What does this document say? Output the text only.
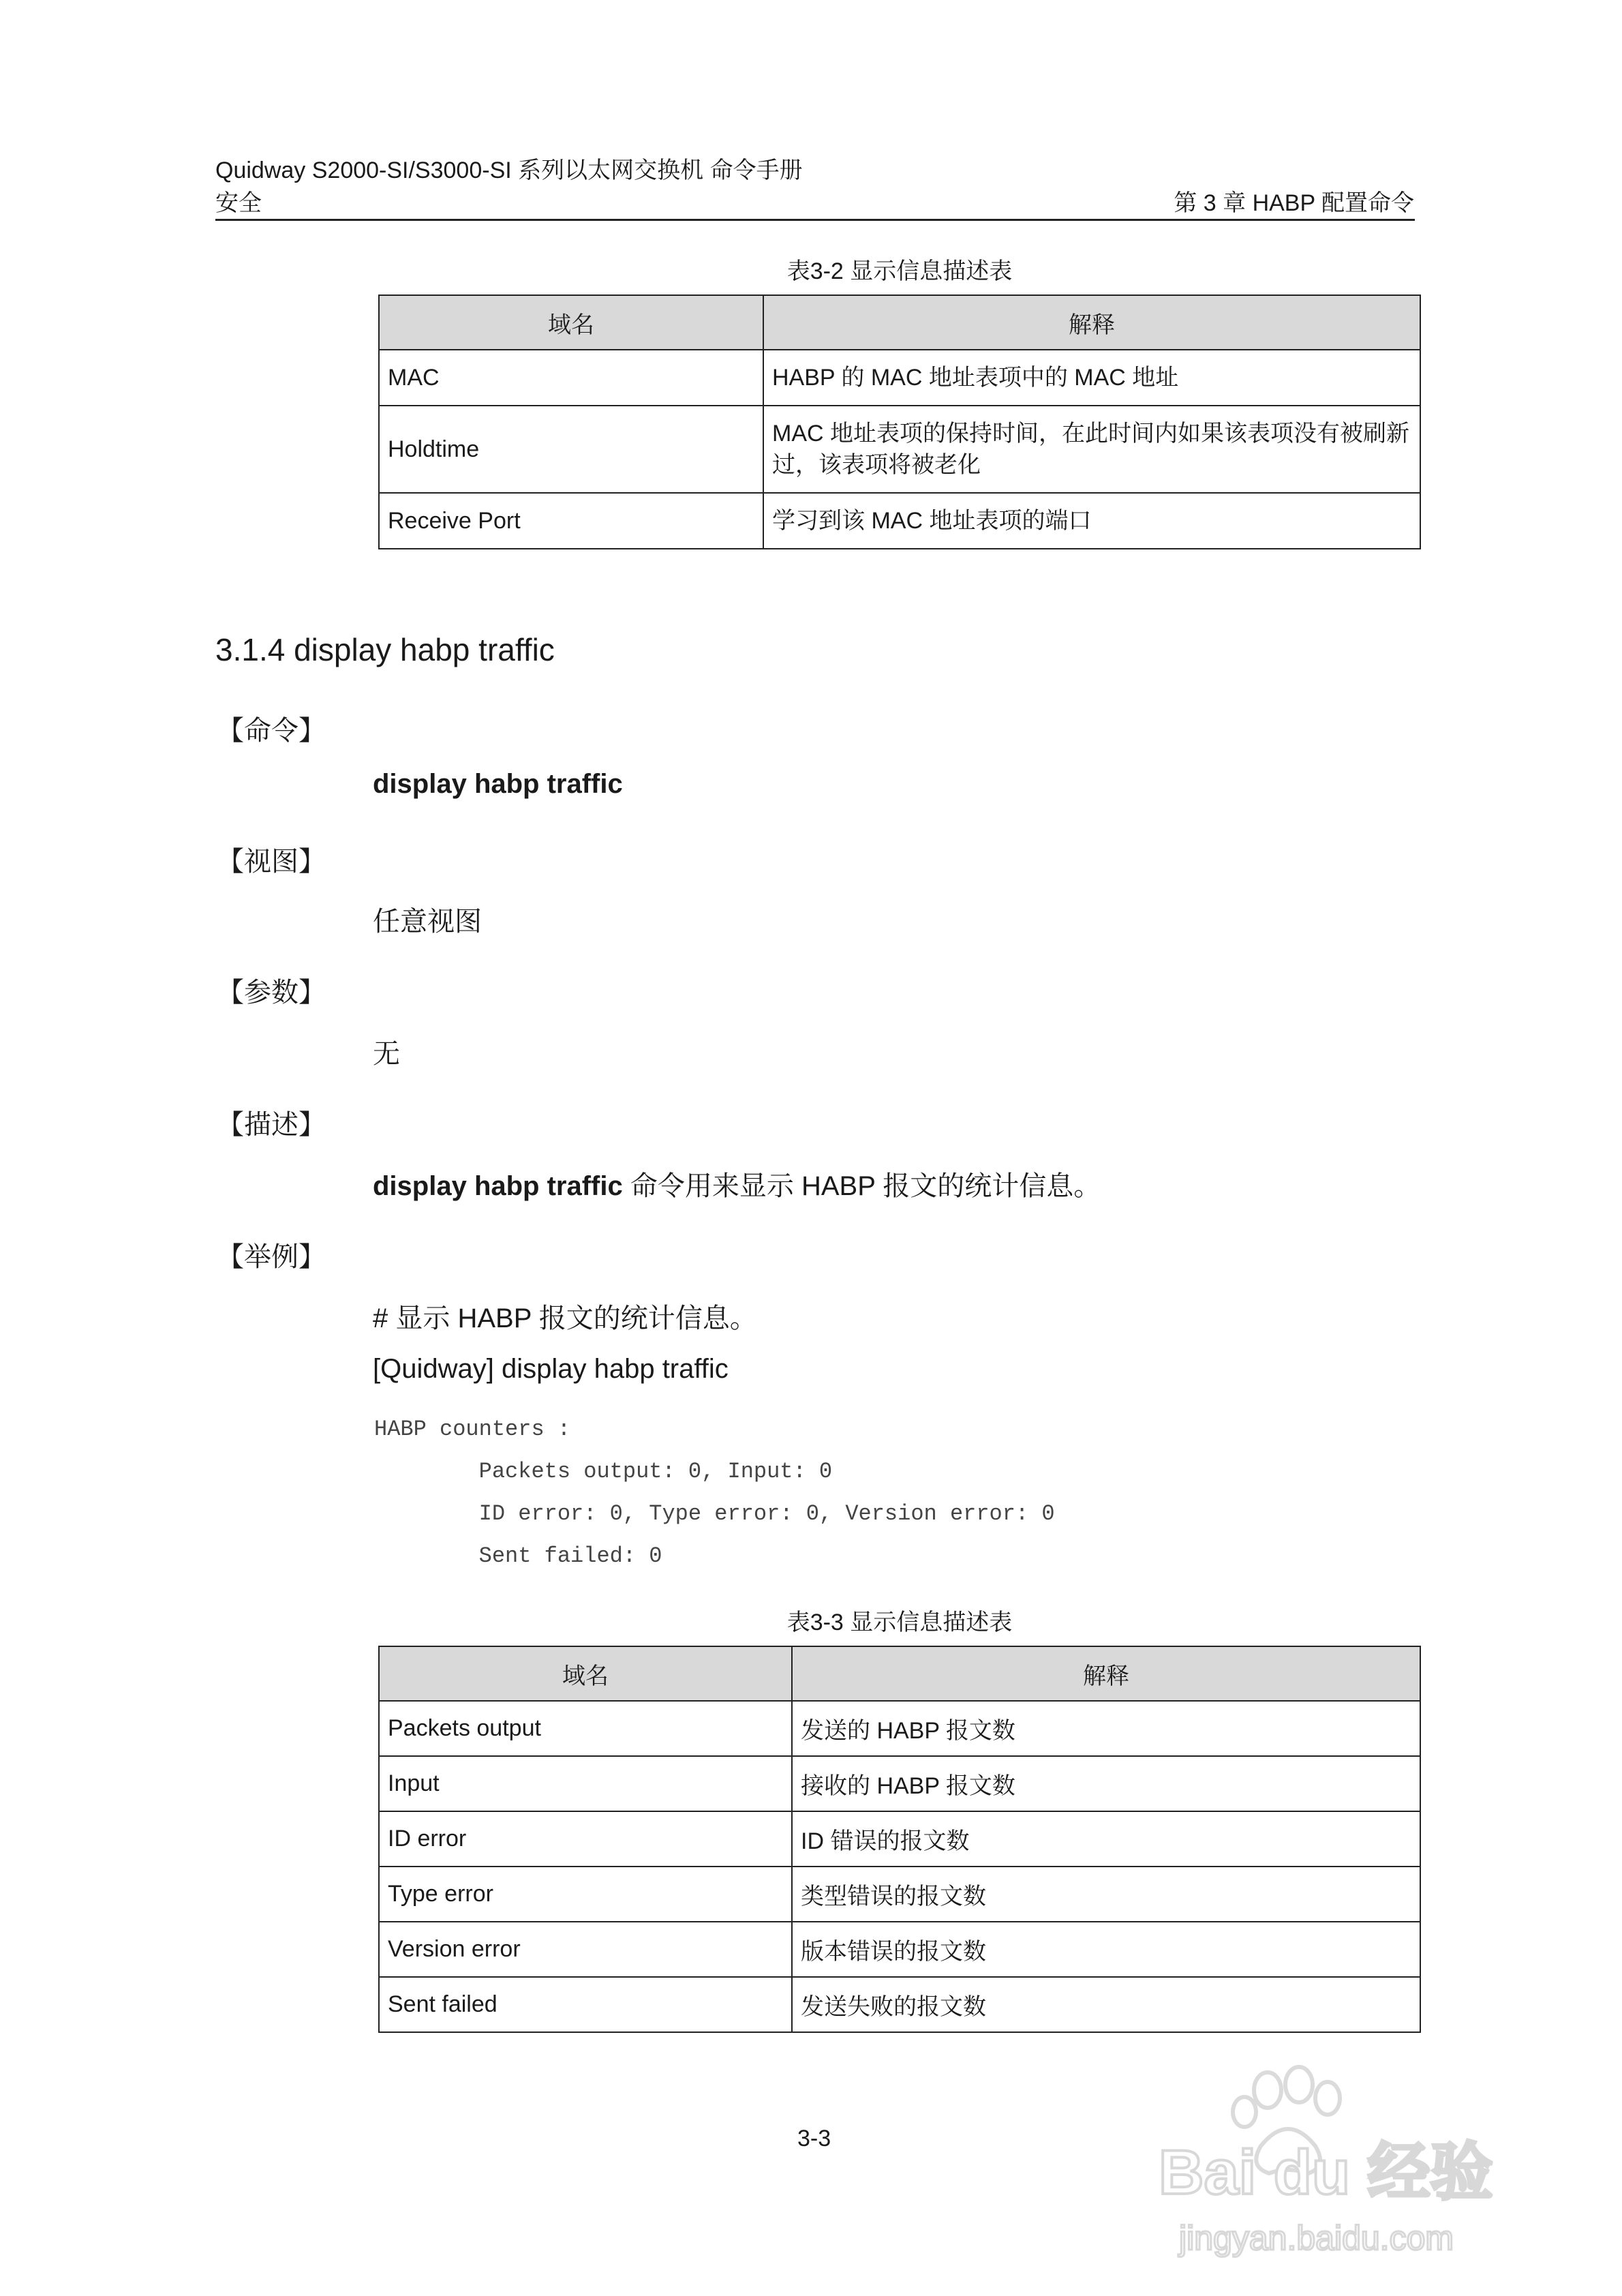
Quidway S2000-SI/S3000-SI 系列以太网交换机 命令手册
安全	第 3 章 HABP 配置命令
表3-2 显示信息描述表
域名	解释
MAC	HABP 的 MAC 地址表项中的 MAC 地址
Holdtime	MAC 地址表项的保持时间，在此时间内如果该表项没有被刷新过，该表项将被老化
Receive Port	学习到该 MAC 地址表项的端口
3.1.4 display habp traffic
【命令】
display habp traffic
【视图】
任意视图
【参数】
无
【描述】
display habp traffic 命令用来显示 HABP 报文的统计信息。
【举例】
# 显示 HABP 报文的统计信息。
[Quidway] display habp traffic
HABP counters :
Packets output: 0, Input: 0
ID error: 0, Type error: 0, Version error: 0
Sent failed: 0
表3-3 显示信息描述表
域名	解释
Packets output	发送的 HABP 报文数
Input	接收的 HABP 报文数
ID error	ID 错误的报文数
Type error	类型错误的报文数
Version error	版本错误的报文数
Sent failed	发送失败的报文数
3-3	Bai du 经验
jingyan.baidu.com
